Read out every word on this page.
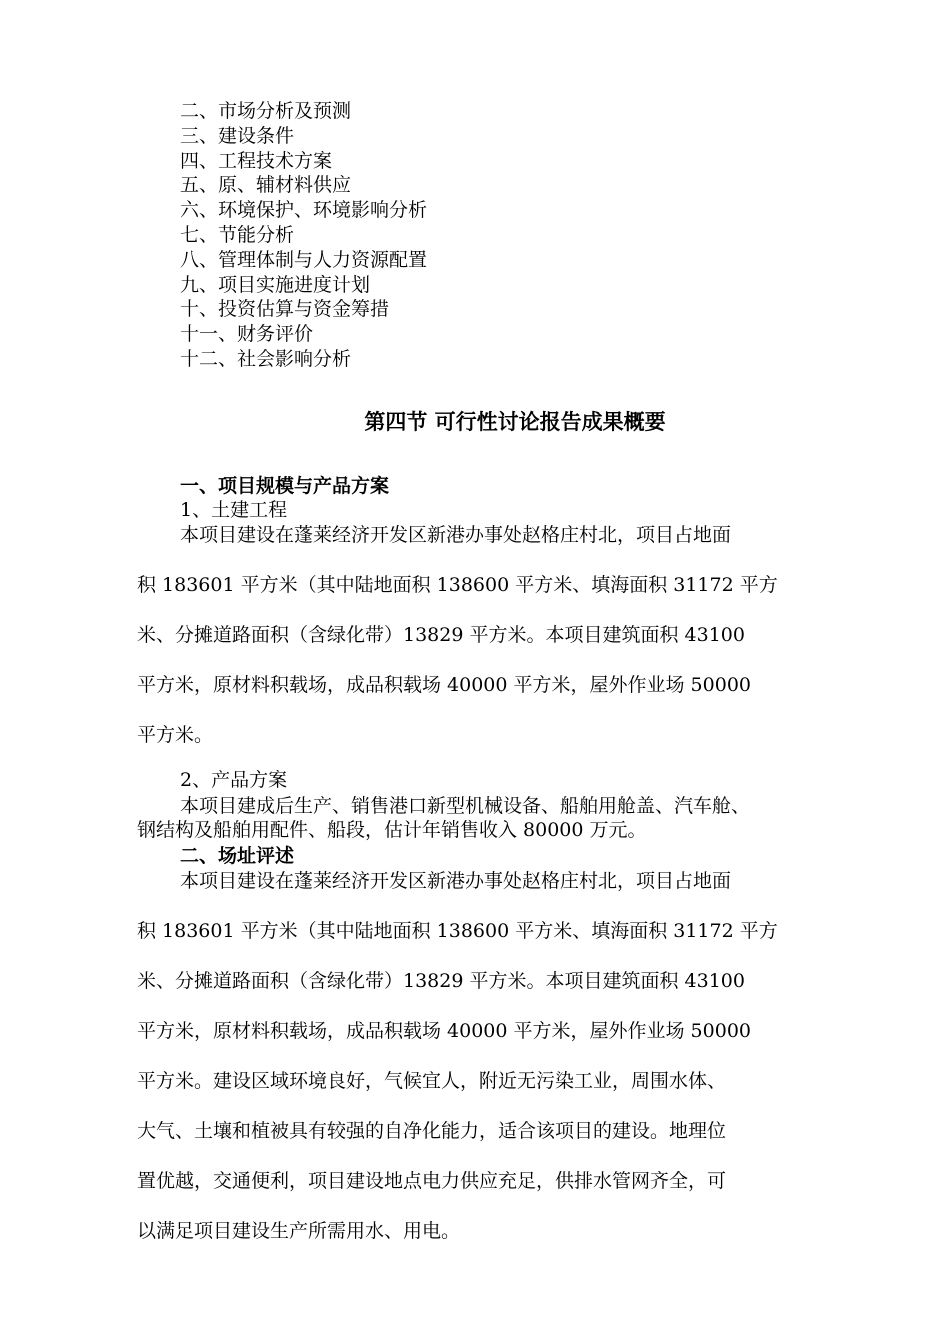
二、市场分析及预测
三、建设条件
四、工程技术方案
五、原、辅材料供应
六、环境保护、环境影响分析
七、节能分析
八、管理体制与人力资源配置
九、项目实施进度计划
十、投资估算与资金筹措
十一、财务评价
十二、社会影响分析
第四节 可行性讨论报告成果概要
一、项目规模与产品方案
1、土建工程
本项目建设在蓬莱经济开发区新港办事处赵格庄村北，项目占地面
积 183601 平方米（其中陆地面积 138600 平方米、填海面积 31172 平方
米、分摊道路面积（含绿化带）13829 平方米。本项目建筑面积 43100
平方米，原材料积载场，成品积载场 40000 平方米，屋外作业场 50000
平方米。
2、产品方案
本项目建成后生产、销售港口新型机械设备、船舶用舱盖、汽车舱、
钢结构及船舶用配件、船段，估计年销售收入 80000 万元。
二、场址评述
本项目建设在蓬莱经济开发区新港办事处赵格庄村北，项目占地面
积 183601 平方米（其中陆地面积 138600 平方米、填海面积 31172 平方
米、分摊道路面积（含绿化带）13829 平方米。本项目建筑面积 43100
平方米，原材料积载场，成品积载场 40000 平方米，屋外作业场 50000
平方米。建设区域环境良好，气候宜人，附近无污染工业，周围水体、
大气、土壤和植被具有较强的自净化能力，适合该项目的建设。地理位
置优越，交通便利，项目建设地点电力供应充足，供排水管网齐全，可
以满足项目建设生产所需用水、用电。
